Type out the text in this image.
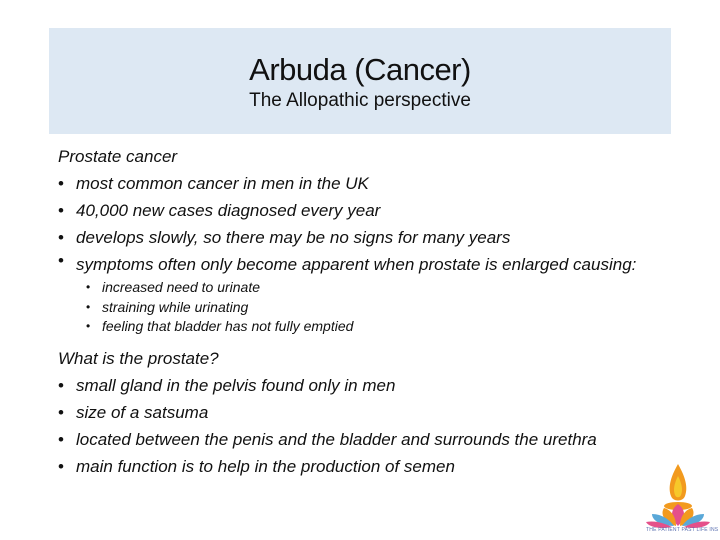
Arbuda (Cancer)
The Allopathic perspective
Prostate cancer
• most common cancer in men in the UK
• 40,000 new cases diagnosed every year
• develops slowly, so there may be no signs for many years
• symptoms often only become apparent when prostate is enlarged causing:
• increased need to urinate
• straining while urinating
• feeling that bladder has not fully emptied
What is the prostate?
• small gland in the pelvis found only in men
• size of a satsuma
• located between the penis and the bladder and surrounds the urethra
• main function is to help in the production of semen
THE PATIENT PAST LIFE INS
